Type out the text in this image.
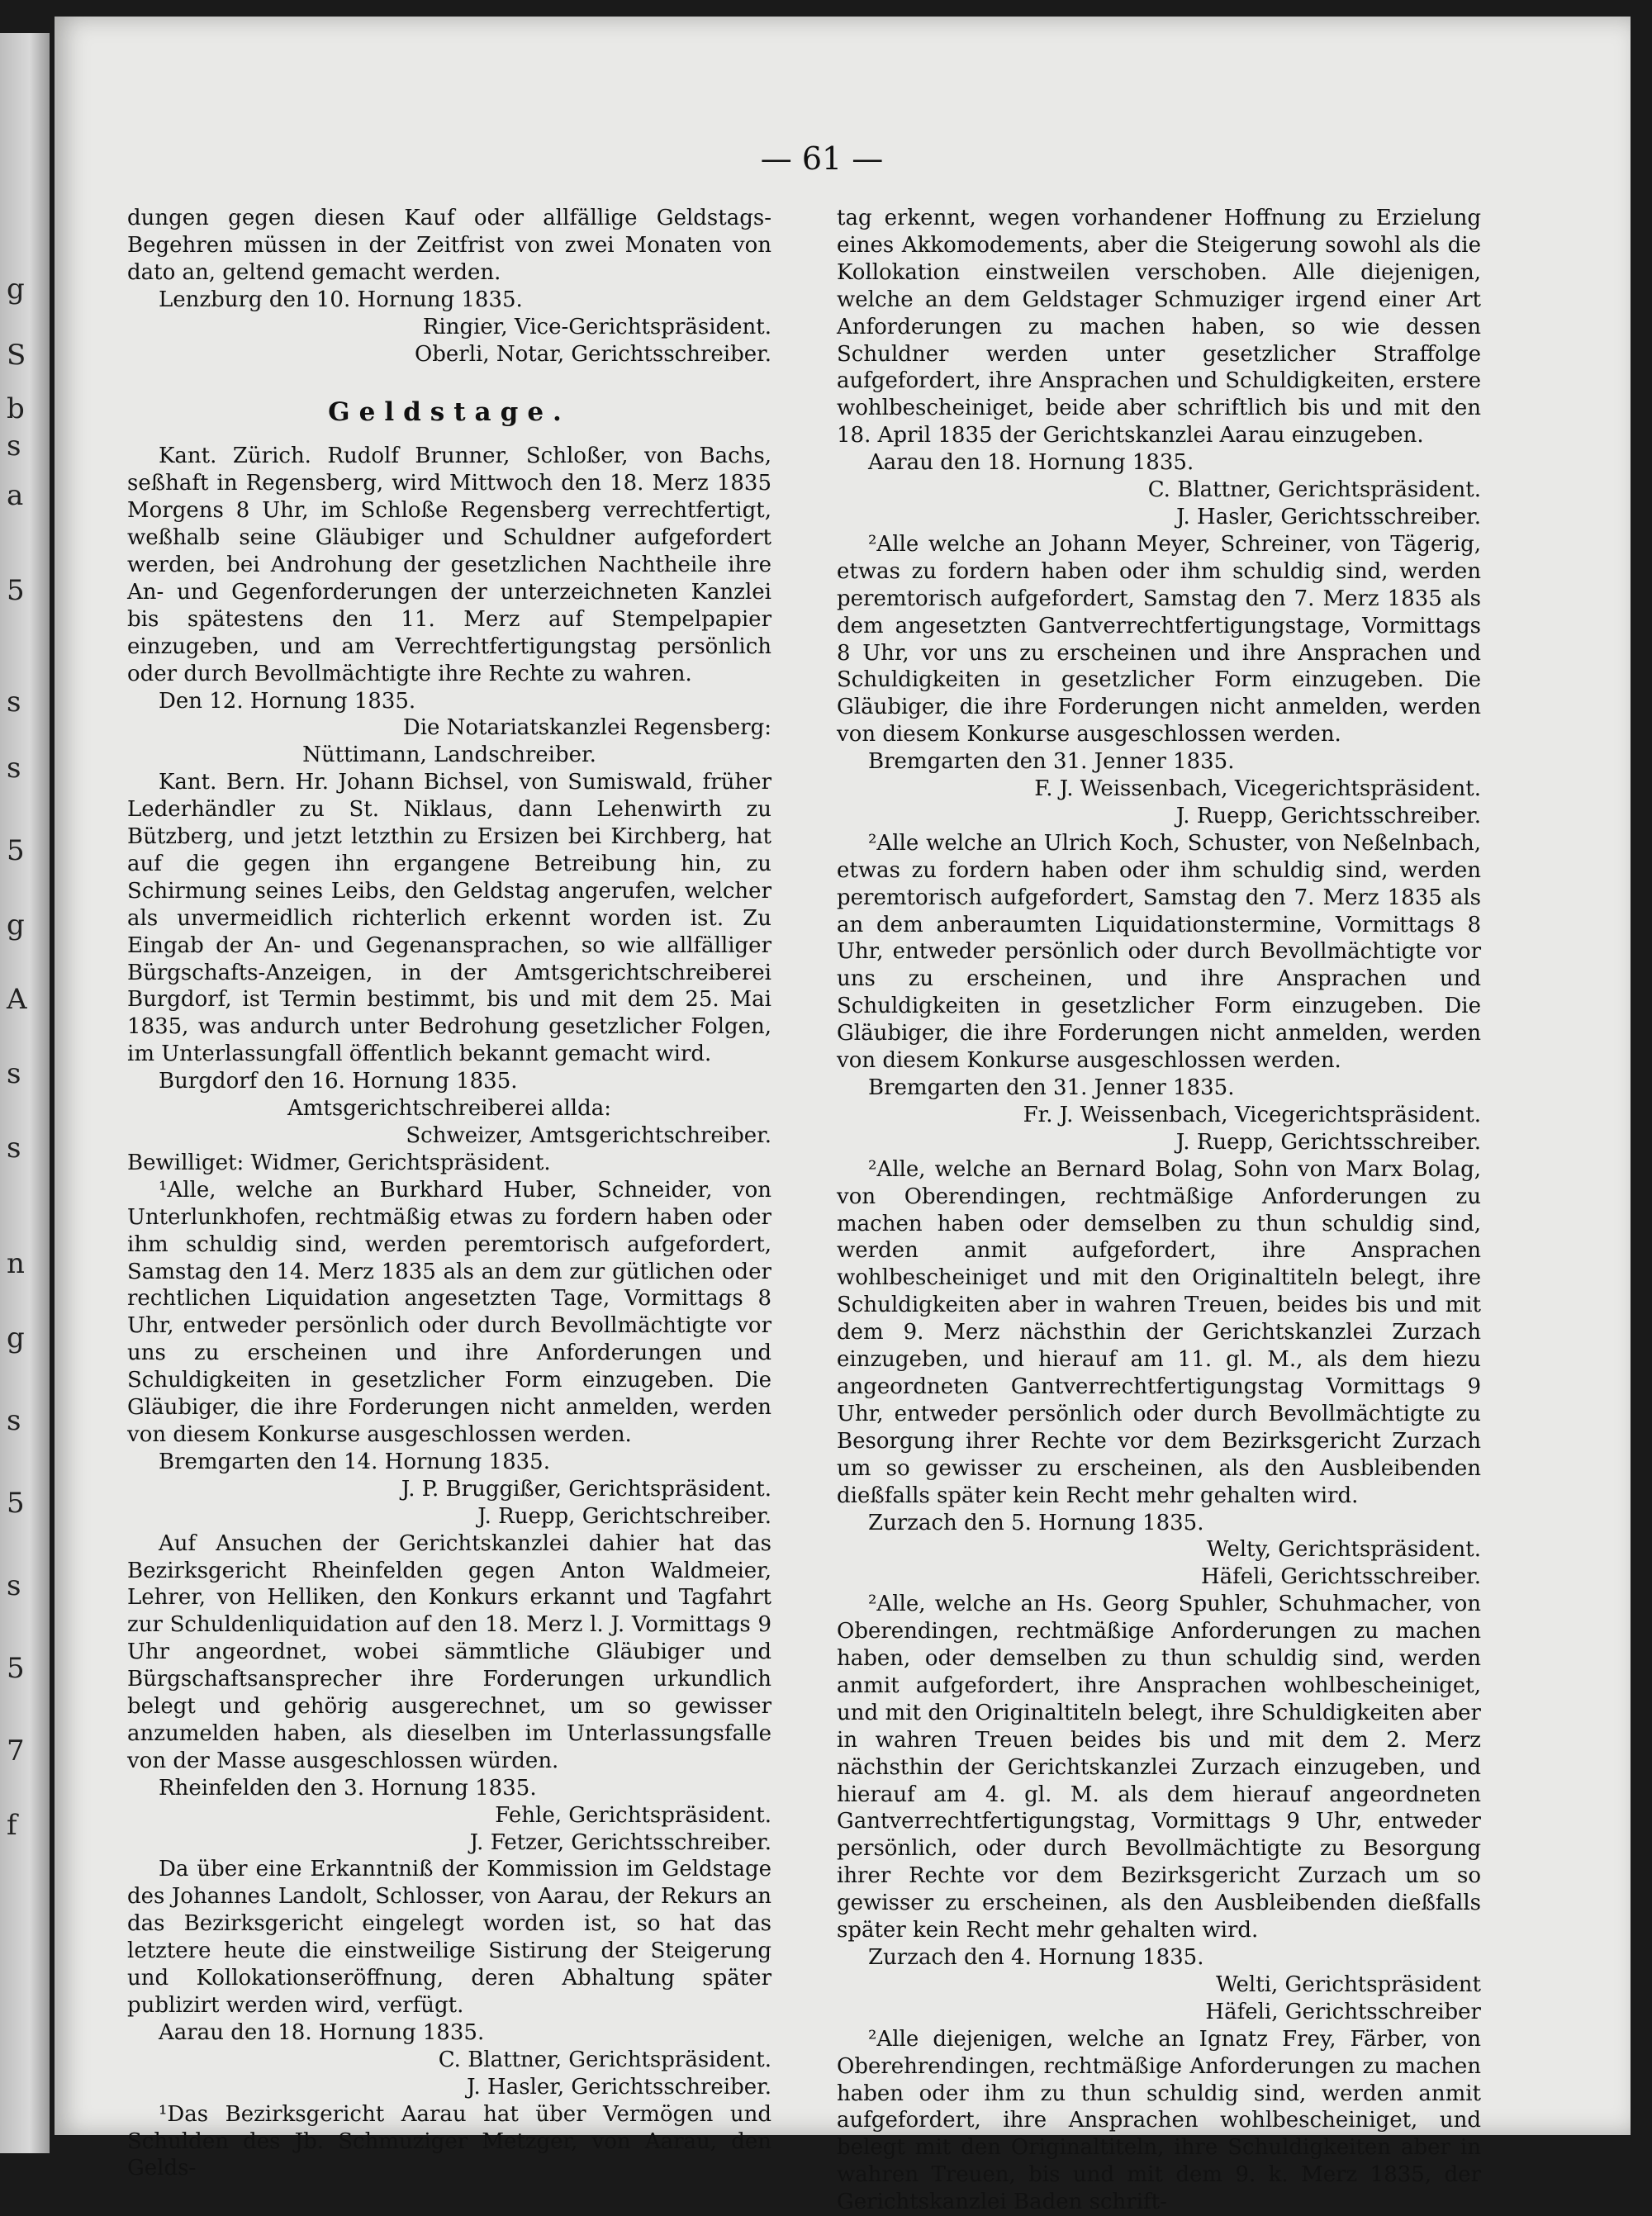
g
S
b
s
a
5
s
s
5
g
A
s
s
n
g
s
5
s
5
7
f
— 61 —

dungen gegen diesen Kauf oder allfällige Geldstags-Begehren müssen in der Zeitfrist von zwei Monaten von dato an, geltend gemacht werden.

Lenzburg den 10. Hornung 1835.

Ringier, Vice-Gerichtspräsident.

Oberli, Notar, Gerichtsschreiber.

Geldstage.

Kant. Zürich. Rudolf Brunner, Schloßer, von Bachs, seßhaft in Regensberg, wird Mittwoch den 18. Merz 1835 Morgens 8 Uhr, im Schloße Regensberg verrechtfertigt, weßhalb seine Gläubiger und Schuldner aufgefordert werden, bei Androhung der gesetzlichen Nachtheile ihre An- und Gegenforderungen der unterzeichneten Kanzlei bis spätestens den 11. Merz auf Stempelpapier einzugeben, und am Verrechtfertigungstag persönlich oder durch Bevollmächtigte ihre Rechte zu wahren.

Den 12. Hornung 1835.

Die Notariatskanzlei Regensberg:

Nüttimann, Landschreiber.

Kant. Bern. Hr. Johann Bichsel, von Sumiswald, früher Lederhändler zu St. Niklaus, dann Lehenwirth zu Bützberg, und jetzt letzthin zu Ersizen bei Kirchberg, hat auf die gegen ihn ergangene Betreibung hin, zu Schirmung seines Leibs, den Geldstag angerufen, welcher als unvermeidlich richterlich erkennt worden ist. Zu Eingab der An- und Gegenansprachen, so wie allfälliger Bürgschafts-Anzeigen, in der Amtsgerichtschreiberei Burgdorf, ist Termin bestimmt, bis und mit dem 25. Mai 1835, was andurch unter Bedrohung gesetzlicher Folgen, im Unterlassungfall öffentlich bekannt gemacht wird.

Burgdorf den 16. Hornung 1835.

Amtsgerichtschreiberei allda:

Schweizer, Amtsgerichtschreiber.

Bewilliget: Widmer, Gerichtspräsident.

¹Alle, welche an Burkhard Huber, Schneider, von Unterlunkhofen, rechtmäßig etwas zu fordern haben oder ihm schuldig sind, werden peremtorisch aufgefordert, Samstag den 14. Merz 1835 als an dem zur gütlichen oder rechtlichen Liquidation angesetzten Tage, Vormittags 8 Uhr, entweder persönlich oder durch Bevollmächtigte vor uns zu erscheinen und ihre Anforderungen und Schuldigkeiten in gesetzlicher Form einzugeben. Die Gläubiger, die ihre Forderungen nicht anmelden, werden von diesem Konkurse ausgeschlossen werden.

Bremgarten den 14. Hornung 1835.

J. P. Bruggißer, Gerichtspräsident.

J. Ruepp, Gerichtschreiber.

Auf Ansuchen der Gerichtskanzlei dahier hat das Bezirksgericht Rheinfelden gegen Anton Waldmeier, Lehrer, von Helliken, den Konkurs erkannt und Tagfahrt zur Schuldenliquidation auf den 18. Merz l. J. Vormittags 9 Uhr angeordnet, wobei sämmtliche Gläubiger und Bürgschaftsansprecher ihre Forderungen urkundlich belegt und gehörig ausgerechnet, um so gewisser anzumelden haben, als dieselben im Unterlassungsfalle von der Masse ausgeschlossen würden.

Rheinfelden den 3. Hornung 1835.

Fehle, Gerichtspräsident.

J. Fetzer, Gerichtsschreiber.

Da über eine Erkanntniß der Kommission im Geldstage des Johannes Landolt, Schlosser, von Aarau, der Rekurs an das Bezirksgericht eingelegt worden ist, so hat das letztere heute die einstweilige Sistirung der Steigerung und Kollokationseröffnung, deren Abhaltung später publizirt werden wird, verfügt.

Aarau den 18. Hornung 1835.

C. Blattner, Gerichtspräsident.

J. Hasler, Gerichtsschreiber.

¹Das Bezirksgericht Aarau hat über Vermögen und Schulden des Jb. Schmuziger Metzger, von Aarau, den Gelds-

tag erkennt, wegen vorhandener Hoffnung zu Erzielung eines Akkomodements, aber die Steigerung sowohl als die Kollokation einstweilen verschoben. Alle diejenigen, welche an dem Geldstager Schmuziger irgend einer Art Anforderungen zu machen haben, so wie dessen Schuldner werden unter gesetzlicher Straffolge aufgefordert, ihre Ansprachen und Schuldigkeiten, erstere wohlbescheiniget, beide aber schriftlich bis und mit den 18. April 1835 der Gerichtskanzlei Aarau einzugeben.

Aarau den 18. Hornung 1835.

C. Blattner, Gerichtspräsident.

J. Hasler, Gerichtsschreiber.

²Alle welche an Johann Meyer, Schreiner, von Tägerig, etwas zu fordern haben oder ihm schuldig sind, werden peremtorisch aufgefordert, Samstag den 7. Merz 1835 als dem angesetzten Gantverrechtfertigungstage, Vormittags 8 Uhr, vor uns zu erscheinen und ihre Ansprachen und Schuldigkeiten in gesetzlicher Form einzugeben. Die Gläubiger, die ihre Forderungen nicht anmelden, werden von diesem Konkurse ausgeschlossen werden.

Bremgarten den 31. Jenner 1835.

F. J. Weissenbach, Vicegerichtspräsident.

J. Ruepp, Gerichtsschreiber.

²Alle welche an Ulrich Koch, Schuster, von Neßelnbach, etwas zu fordern haben oder ihm schuldig sind, werden peremtorisch aufgefordert, Samstag den 7. Merz 1835 als an dem anberaumten Liquidationstermine, Vormittags 8 Uhr, entweder persönlich oder durch Bevollmächtigte vor uns zu erscheinen, und ihre Ansprachen und Schuldigkeiten in gesetzlicher Form einzugeben. Die Gläubiger, die ihre Forderungen nicht anmelden, werden von diesem Konkurse ausgeschlossen werden.

Bremgarten den 31. Jenner 1835.

Fr. J. Weissenbach, Vicegerichtspräsident.

J. Ruepp, Gerichtsschreiber.

²Alle, welche an Bernard Bolag, Sohn von Marx Bolag, von Oberendingen, rechtmäßige Anforderungen zu machen haben oder demselben zu thun schuldig sind, werden anmit aufgefordert, ihre Ansprachen wohlbescheiniget und mit den Originaltiteln belegt, ihre Schuldigkeiten aber in wahren Treuen, beides bis und mit dem 9. Merz nächsthin der Gerichtskanzlei Zurzach einzugeben, und hierauf am 11. gl. M., als dem hiezu angeordneten Gantverrechtfertigungstag Vormittags 9 Uhr, entweder persönlich oder durch Bevollmächtigte zu Besorgung ihrer Rechte vor dem Bezirksgericht Zurzach um so gewisser zu erscheinen, als den Ausbleibenden dießfalls später kein Recht mehr gehalten wird.

Zurzach den 5. Hornung 1835.

Welty, Gerichtspräsident.

Häfeli, Gerichtsschreiber.

²Alle, welche an Hs. Georg Spuhler, Schuhmacher, von Oberendingen, rechtmäßige Anforderungen zu machen haben, oder demselben zu thun schuldig sind, werden anmit aufgefordert, ihre Ansprachen wohlbescheiniget, und mit den Originaltiteln belegt, ihre Schuldigkeiten aber in wahren Treuen beides bis und mit dem 2. Merz nächsthin der Gerichtskanzlei Zurzach einzugeben, und hierauf am 4. gl. M. als dem hierauf angeordneten Gantverrechtfertigungstag, Vormittags 9 Uhr, entweder persönlich, oder durch Bevollmächtigte zu Besorgung ihrer Rechte vor dem Bezirksgericht Zurzach um so gewisser zu erscheinen, als den Ausbleibenden dießfalls später kein Recht mehr gehalten wird.

Zurzach den 4. Hornung 1835.

Welti, Gerichtspräsident

Häfeli, Gerichtsschreiber

²Alle diejenigen, welche an Ignatz Frey, Färber, von Oberehrendingen, rechtmäßige Anforderungen zu machen haben oder ihm zu thun schuldig sind, werden anmit aufgefordert, ihre Ansprachen wohlbescheiniget, und belegt mit den Originaltiteln, ihre Schuldigkeiten aber in wahren Treuen, bis und mit dem 9. k. Merz 1835, der Gerichtskanzlei Baden schrift-
